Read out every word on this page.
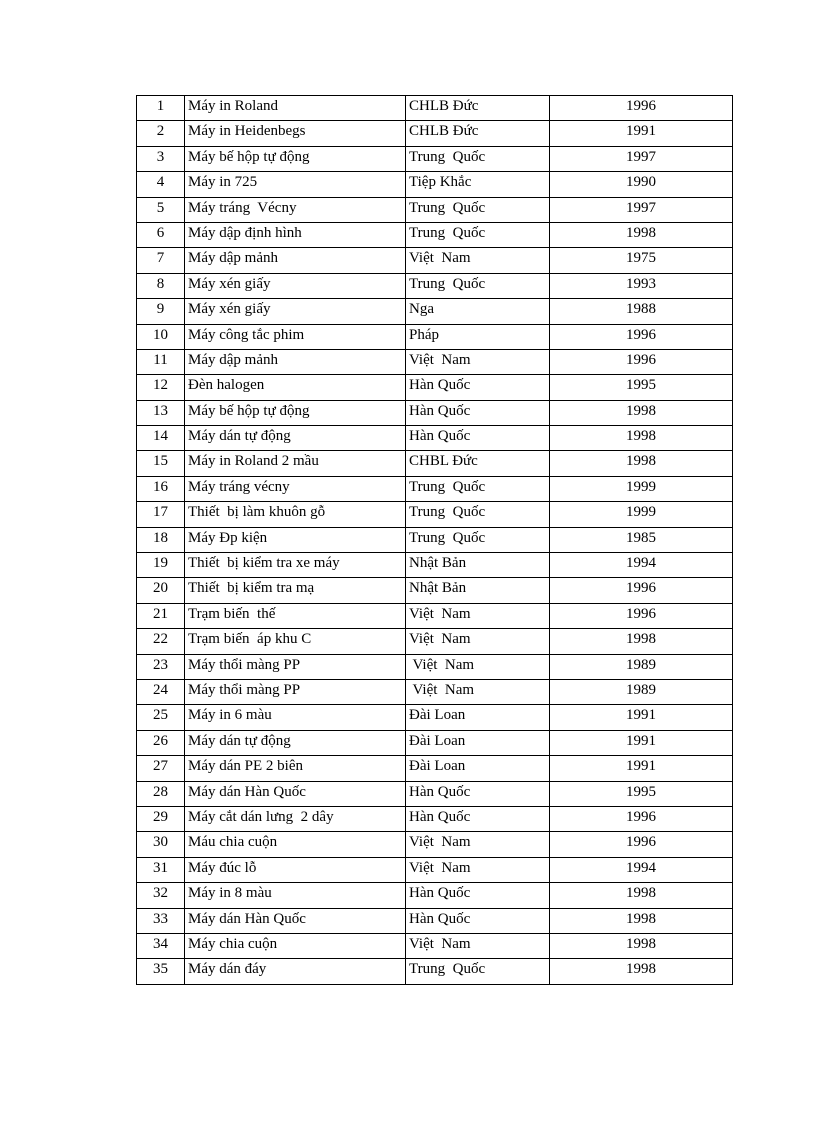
1	Máy in Roland	CHLB Đức	1996
2	Máy in Heidenbegs	CHLB Đức	1991
3	Máy bế hộp tự động	Trung  Quốc	1997
4	Máy in 725	Tiệp Khắc	1990
5	Máy tráng  Vécny	Trung  Quốc	1997
6	Máy dập định hình	Trung  Quốc	1998
7	Máy dập mảnh	Việt  Nam	1975
8	Máy xén giấy	Trung  Quốc	1993
9	Máy xén giấy	Nga	1988
10	Máy công tắc phim	Pháp	1996
11	Máy dập mảnh	Việt  Nam	1996
12	Đèn halogen	Hàn Quốc	1995
13	Máy bế hộp tự động	Hàn Quốc	1998
14	Máy dán tự động	Hàn Quốc	1998
15	Máy in Roland 2 mầu	CHBL Đức	1998
16	Máy tráng vécny	Trung  Quốc	1999
17	Thiết  bị làm khuôn gỗ	Trung  Quốc	1999
18	Máy Đp kiện	Trung  Quốc	1985
19	Thiết  bị kiểm tra xe máy	Nhật Bản	1994
20	Thiết  bị kiểm tra mạ	Nhật Bản	1996
21	Trạm biến  thế	Việt  Nam	1996
22	Trạm biến  áp khu C	Việt  Nam	1998
23	Máy thổi màng PP	Việt  Nam	1989
24	Máy thổi màng PP	Việt  Nam	1989
25	Máy in 6 màu	Đài Loan	1991
26	Máy dán tự động	Đài Loan	1991
27	Máy dán PE 2 biên	Đài Loan	1991
28	Máy dán Hàn Quốc	Hàn Quốc	1995
29	Máy cắt dán lưng  2 dây	Hàn Quốc	1996
30	Máu chia cuộn	Việt  Nam	1996
31	Máy đúc lỗ	Việt  Nam	1994
32	Máy in 8 màu	Hàn Quốc	1998
33	Máy dán Hàn Quốc	Hàn Quốc	1998
34	Máy chia cuộn	Việt  Nam	1998
35	Máy dán đáy	Trung  Quốc	1998
